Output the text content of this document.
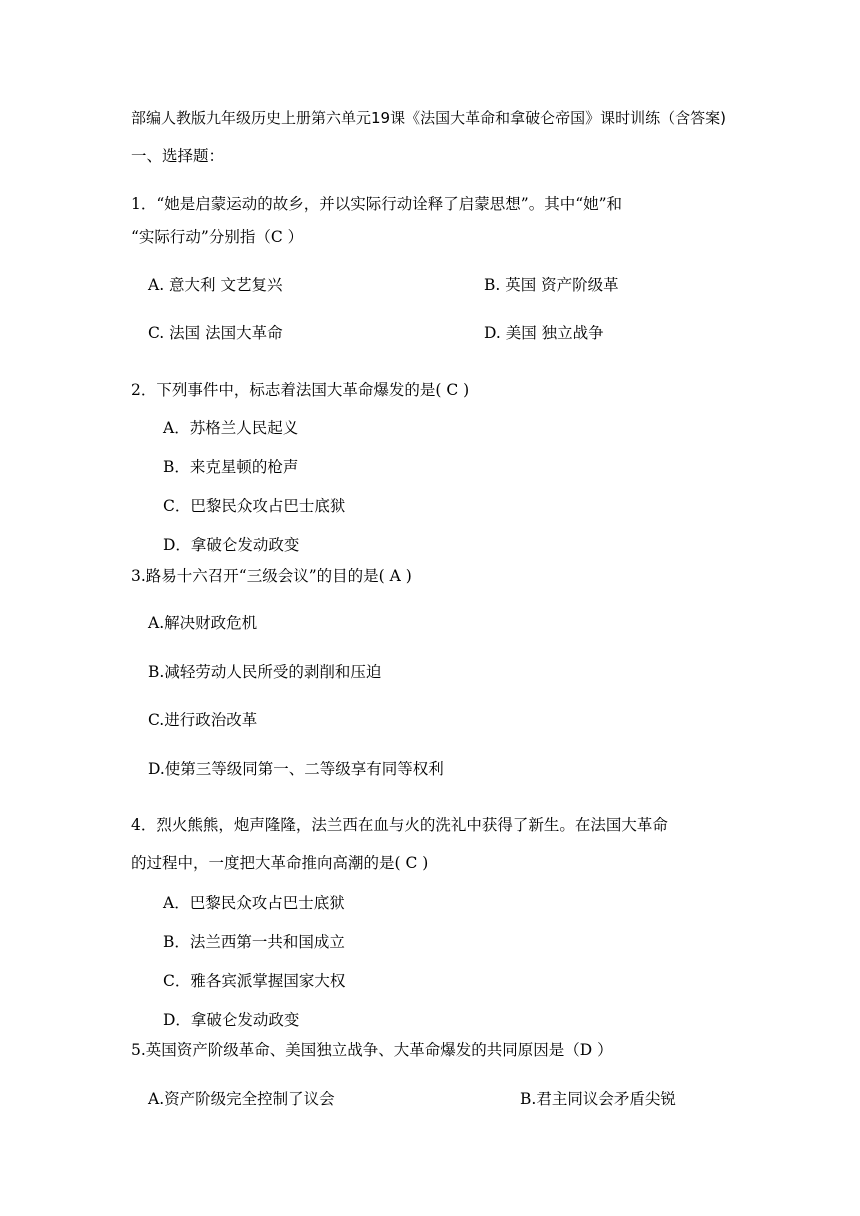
部编人教版九年级历史上册第六单元19课《法国大革命和拿破仑帝国》课时训练（含答案)
一、选择题：
1．“她是启蒙运动的故乡，并以实际行动诠释了启蒙思想”。其中“她”和
“实际行动”分别指（C ）
A. 意大利 文艺复兴	B. 英国 资产阶级革
C. 法国 法国大革命	D. 美国 独立战争
2．下列事件中，标志着法国大革命爆发的是( C )
A．苏格兰人民起义
B．来克星顿的枪声
C．巴黎民众攻占巴士底狱
D．拿破仑发动政变
3.路易十六召开“三级会议”的目的是( A )
A.解决财政危机
B.减轻劳动人民所受的剥削和压迫
C.进行政治改革
D.使第三等级同第一、二等级享有同等权利
4．烈火熊熊，炮声隆隆，法兰西在血与火的洗礼中获得了新生。在法国大革命
的过程中，一度把大革命推向高潮的是( C )
A．巴黎民众攻占巴士底狱
B．法兰西第一共和国成立
C．雅各宾派掌握国家大权
D．拿破仑发动政变
5.英国资产阶级革命、美国独立战争、大革命爆发的共同原因是（D ）
A.资产阶级完全控制了议会	B.君主同议会矛盾尖锐
